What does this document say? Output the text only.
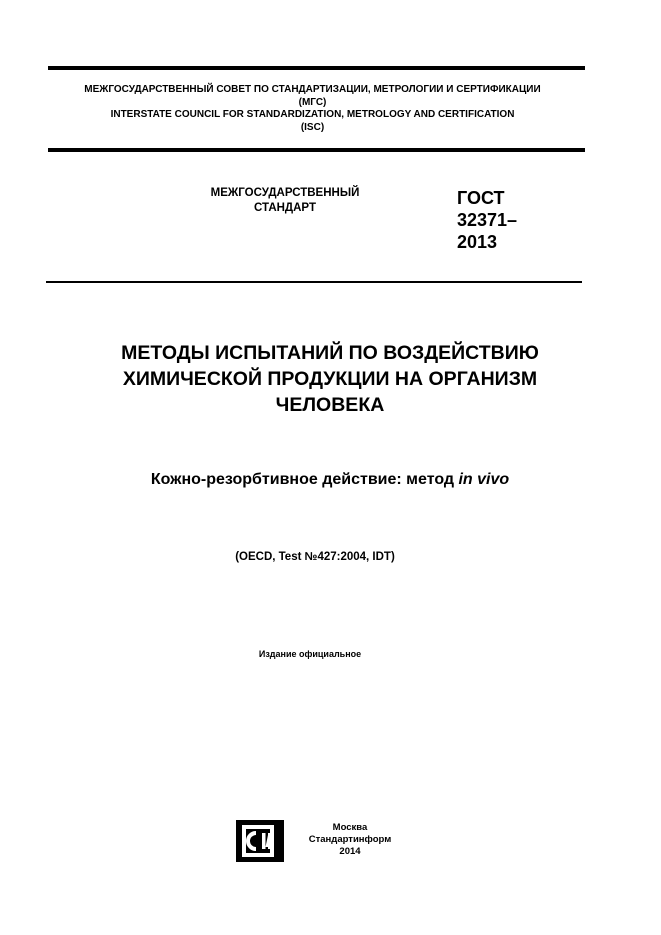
МЕЖГОСУДАРСТВЕННЫЙ СОВЕТ ПО СТАНДАРТИЗАЦИИ, МЕТРОЛОГИИ И СЕРТИФИКАЦИИ
(МГС)
INTERSTATE COUNCIL FOR STANDARDIZATION, METROLOGY AND CERTIFICATION
(ISC)
МЕЖГОСУДАРСТВЕННЫЙ
СТАНДАРТ	ГОСТ
32371–
2013
МЕТОДЫ ИСПЫТАНИЙ ПО ВОЗДЕЙСТВИЮ
ХИМИЧЕСКОЙ ПРОДУКЦИИ НА ОРГАНИЗМ
ЧЕЛОВЕКА
Кожно-резорбтивное действие: метод in vivo
(OECD, Test №427:2004, IDT)
Издание официальное
Москва
Стандартинформ
2014
